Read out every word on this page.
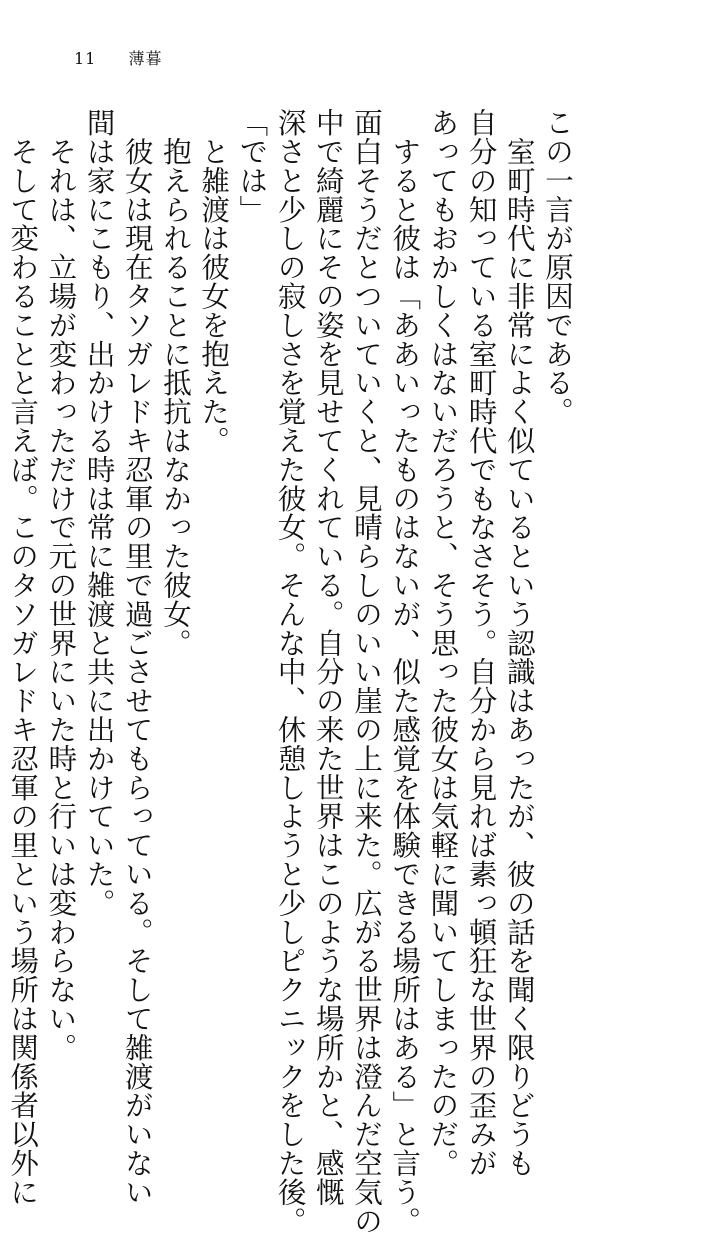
11 薄暮

この一言が原因である。

　室町時代に非常によく似ているという認識はあったが、彼の話を聞く限りどうも

自分の知っている室町時代でもなさそう。自分から見れば素っ頓狂な世界の歪みが

あってもおかしくはないだろうと、そう思った彼女は気軽に聞いてしまったのだ。

　すると彼は「ああいったものはないが、似た感覚を体験できる場所はある」と言う。

面白そうだとついていくと、見晴らしのいい崖の上に来た。広がる世界は澄んだ空気の

中で綺麗にその姿を見せてくれている。自分の来た世界はこのような場所かと、感慨

深さと少しの寂しさを覚えた彼女。そんな中、休憩しようと少しピクニックをした後。

「では」

　と雑渡は彼女を抱えた。

　抱えられることに抵抗はなかった彼女。

　彼女は現在タソガレドキ忍軍の里で過ごさせてもらっている。そして雑渡がいない

間は家にこもり、出かける時は常に雑渡と共に出かけていた。

　それは、立場が変わっただけで元の世界にいた時と行いは変わらない。

　そして変わることと言えば。このタソガレドキ忍軍の里という場所は関係者以外に
